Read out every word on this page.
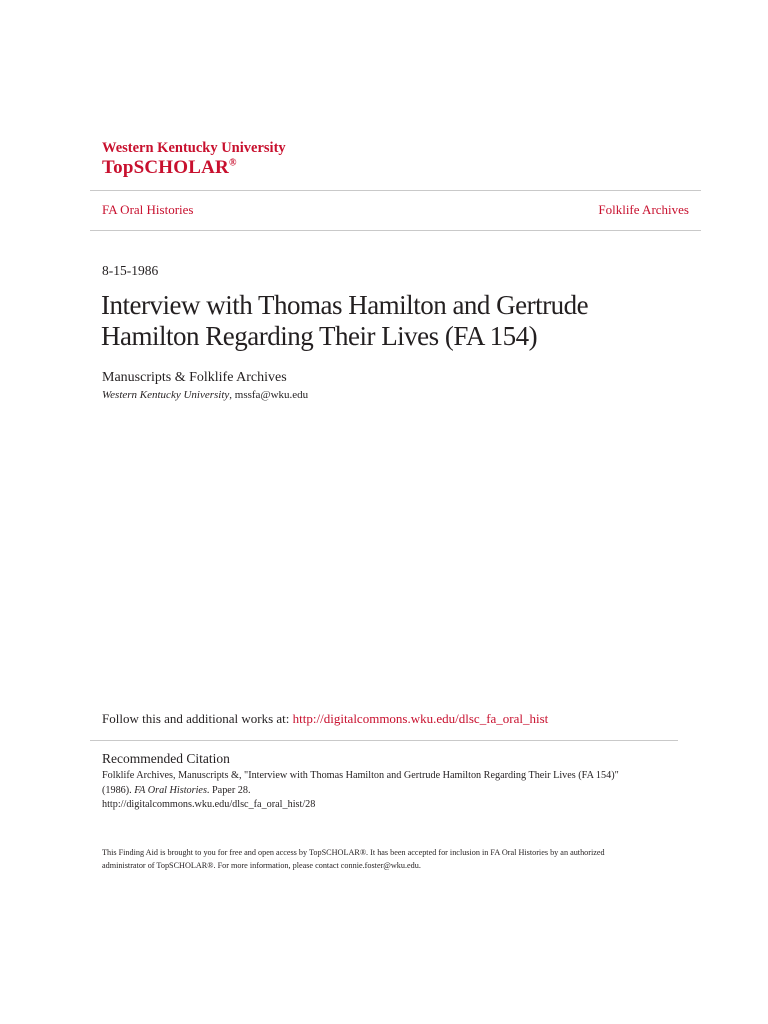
Western Kentucky University
TopSCHOLAR®
FA Oral Histories	Folklife Archives
8-15-1986
Interview with Thomas Hamilton and Gertrude Hamilton Regarding Their Lives (FA 154)
Manuscripts & Folklife Archives
Western Kentucky University, mssfa@wku.edu
Follow this and additional works at: http://digitalcommons.wku.edu/dlsc_fa_oral_hist
Recommended Citation
Folklife Archives, Manuscripts &, "Interview with Thomas Hamilton and Gertrude Hamilton Regarding Their Lives (FA 154)"
(1986). FA Oral Histories. Paper 28.
http://digitalcommons.wku.edu/dlsc_fa_oral_hist/28
This Finding Aid is brought to you for free and open access by TopSCHOLAR®. It has been accepted for inclusion in FA Oral Histories by an authorized
administrator of TopSCHOLAR®. For more information, please contact connie.foster@wku.edu.
